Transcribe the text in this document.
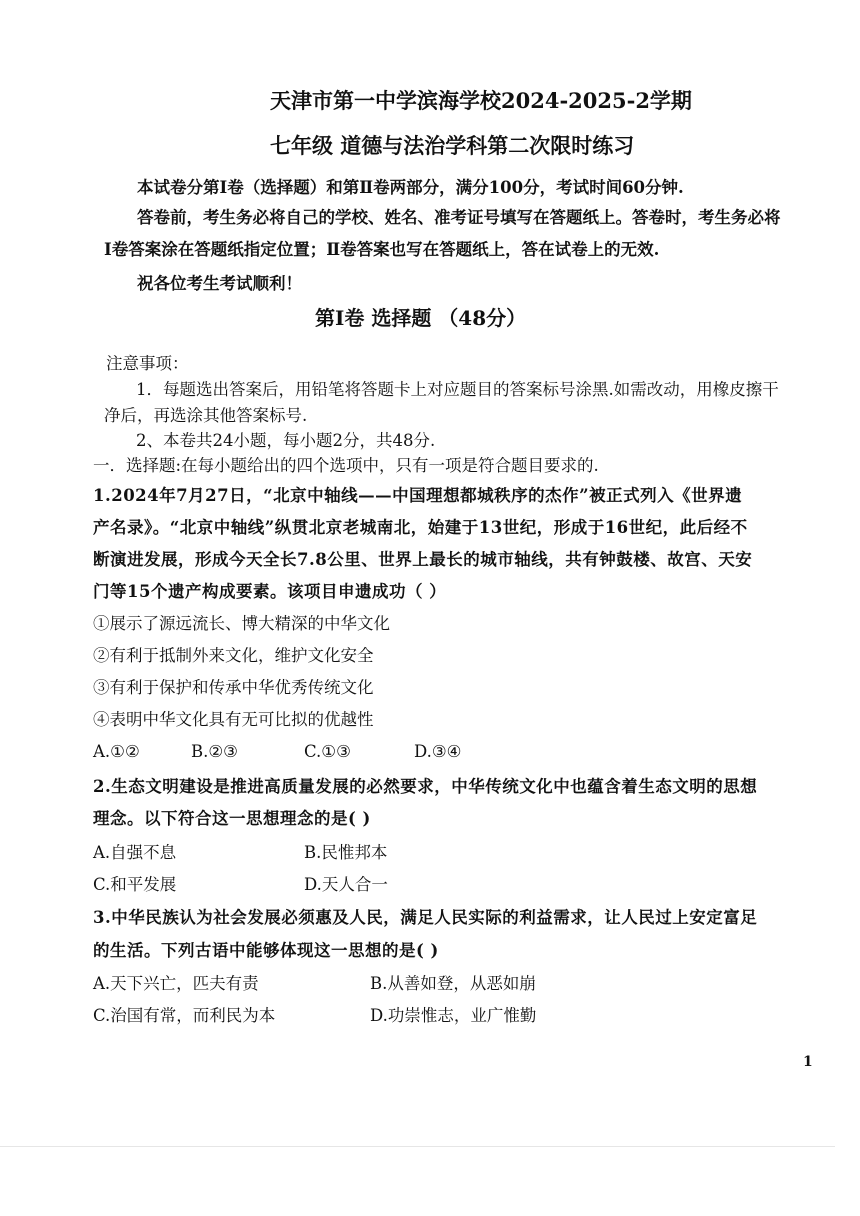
天津市第一中学滨海学校2024-2025-2学期
七年级 道德与法治学科第二次限时练习
本试卷分第Ⅰ卷（选择题）和第Ⅱ卷两部分，满分100分，考试时间60分钟.
答卷前，考生务必将自己的学校、姓名、准考证号填写在答题纸上。答卷时，考生务必将
Ⅰ卷答案涂在答题纸指定位置；Ⅱ卷答案也写在答题纸上，答在试卷上的无效.
祝各位考生考试顺利！
第Ⅰ卷 选择题 （48分）
注意事项：
1．每题选出答案后，用铅笔将答题卡上对应题目的答案标号涂黑.如需改动，用橡皮擦干
净后，再选涂其他答案标号.
2、本卷共24小题，每小题2分，共48分.
一．选择题:在每小题给出的四个选项中，只有一项是符合题目要求的.
1.2024年7月27日，“北京中轴线——中国理想都城秩序的杰作”被正式列入《世界遗
产名录》。“北京中轴线”纵贯北京老城南北，始建于13世纪，形成于16世纪，此后经不
断演进发展，形成今天全长7.8公里、世界上最长的城市轴线，共有钟鼓楼、故宫、天安
门等15个遗产构成要素。该项目申遗成功（ ）
①展示了源远流长、博大精深的中华文化
②有利于抵制外来文化，维护文化安全
③有利于保护和传承中华优秀传统文化
④表明中华文化具有无可比拟的优越性
A.①②	B.②③	C.①③	D.③④
2.生态文明建设是推进高质量发展的必然要求，中华传统文化中也蕴含着生态文明的思想
理念。以下符合这一思想理念的是( )
A.自强不息	B.民惟邦本
C.和平发展	D.天人合一
3.中华民族认为社会发展必须惠及人民，满足人民实际的利益需求，让人民过上安定富足
的生活。下列古语中能够体现这一思想的是( )
A.天下兴亡，匹夫有责	B.从善如登，从恶如崩
C.治国有常，而利民为本	D.功崇惟志，业广惟勤
1
